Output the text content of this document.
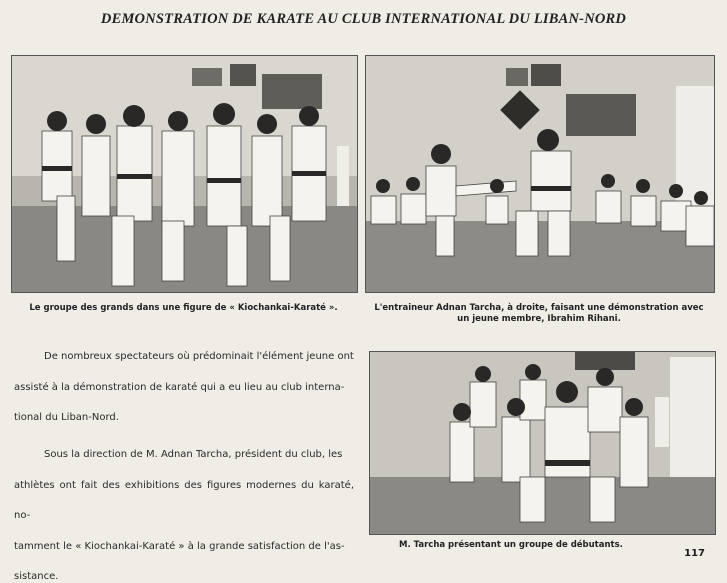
DEMONSTRATION DE KARATE AU CLUB INTERNATIONAL DU LIBAN-NORD
Le groupe des grands dans une figure de « Kiochankai-Karaté ».	L'entraineur Adnan Tarcha, à droite, faisant une démonstration avec
un jeune membre, Ibrahim Rihani.
M. Tarcha présentant un groupe de débutants.
De nombreux spectateurs où prédominait l'élément jeune ont
assisté à la démonstration de karaté qui a eu lieu au club interna-
tional du Liban-Nord.
Sous la direction de M. Adnan Tarcha, président du club, les
athlètes ont fait des exhibitions des figures modernes du karaté, no-
tamment le « Kiochankai-Karaté » à la grande satisfaction de l'as-
sistance.
117
